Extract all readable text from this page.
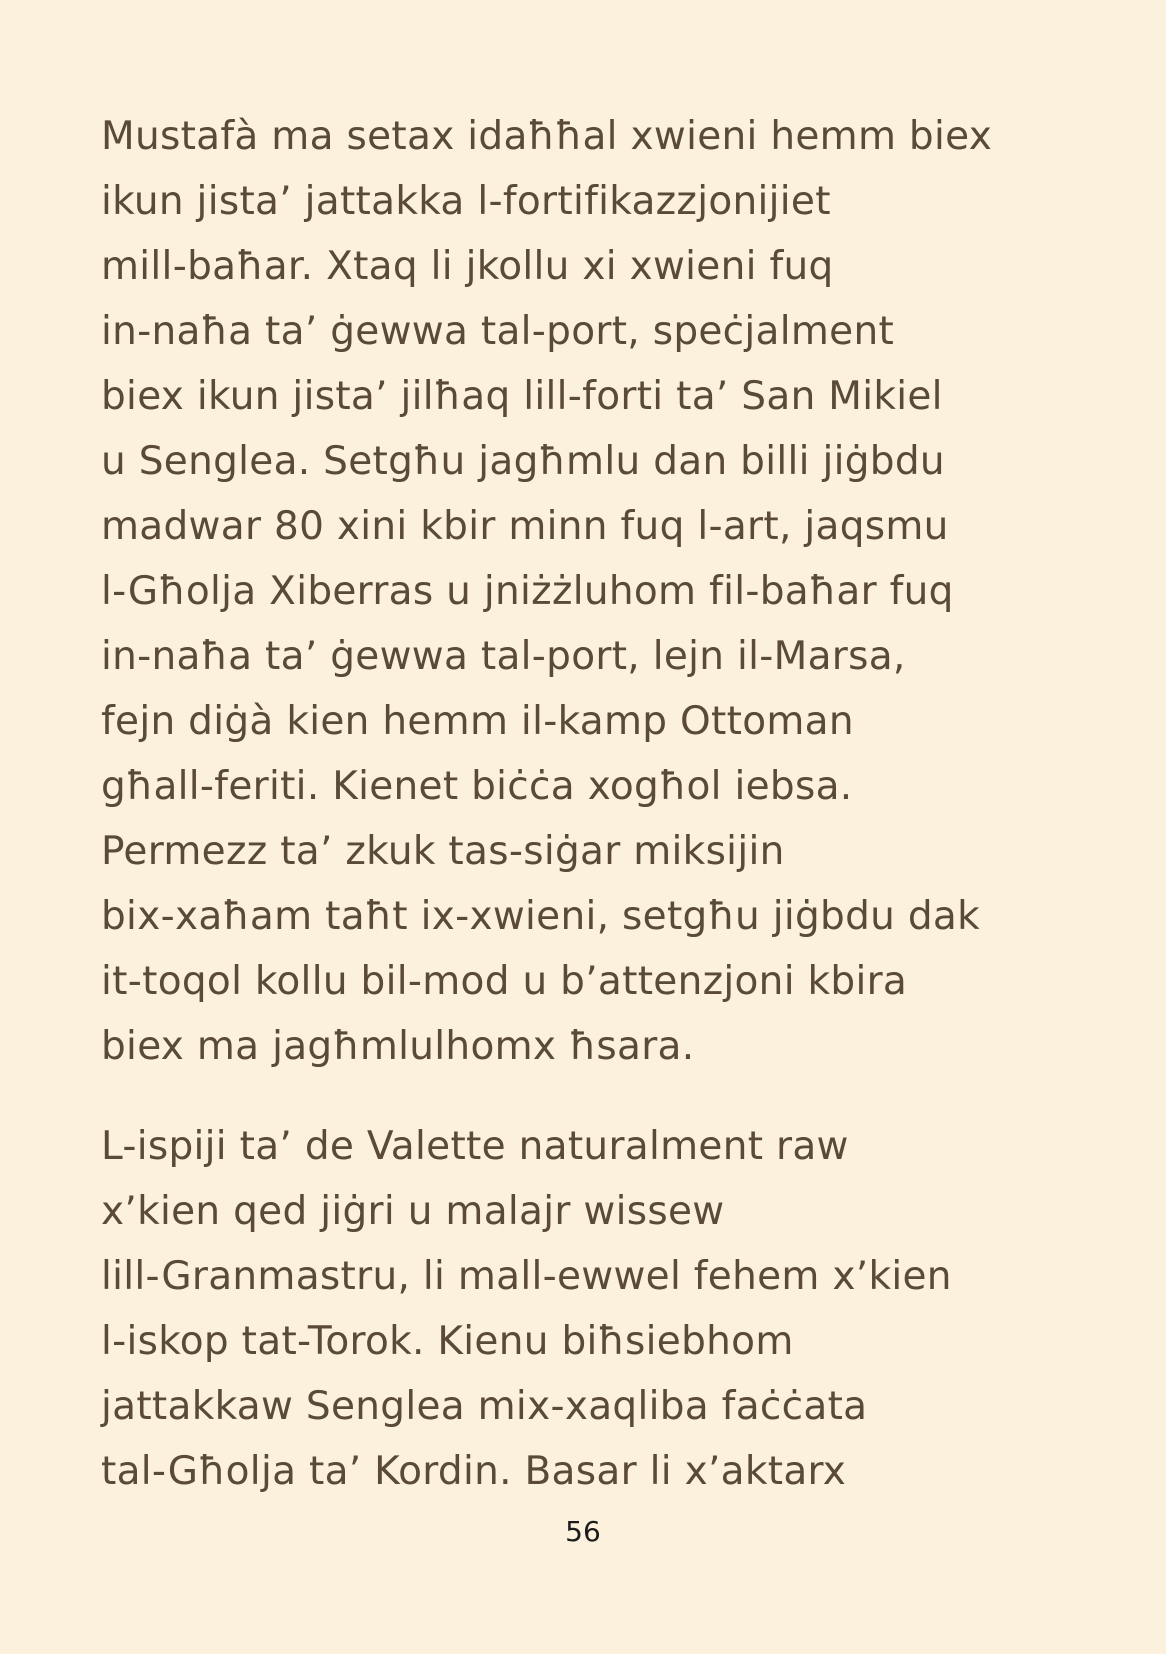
Mustafà ma setax idaħħal xwieni hemm biex
ikun jista’ jattakka l-fortifikazzjonijiet
mill-baħar. Xtaq li jkollu xi xwieni fuq
in-naħa ta’ ġewwa tal-port, speċjalment
biex ikun jista’ jilħaq lill-forti ta’ San Mikiel
u Senglea. Setgħu jagħmlu dan billi jiġbdu
madwar 80 xini kbir minn fuq l-art, jaqsmu
l-Għolja Xiberras u jniżżluhom fil-baħar fuq
in-naħa ta’ ġewwa tal-port, lejn il-Marsa,
fejn diġà kien hemm il-kamp Ottoman
għall-feriti. Kienet biċċa xogħol iebsa.
Permezz ta’ zkuk tas-siġar miksijin
bix-xaħam taħt ix-xwieni, setgħu jiġbdu dak
it-toqol kollu bil-mod u b’attenzjoni kbira
biex ma jagħmlulhomx ħsara.
L-ispiji ta’ de Valette naturalment raw
x’kien qed jiġri u malajr wissew
lill-Granmastru, li mall-ewwel fehem x’kien
l-iskop tat-Torok. Kienu biħsiebhom
jattakkaw Senglea mix-xaqliba faċċata
tal-Għolja ta’ Kordin. Basar li x’aktarx
56
